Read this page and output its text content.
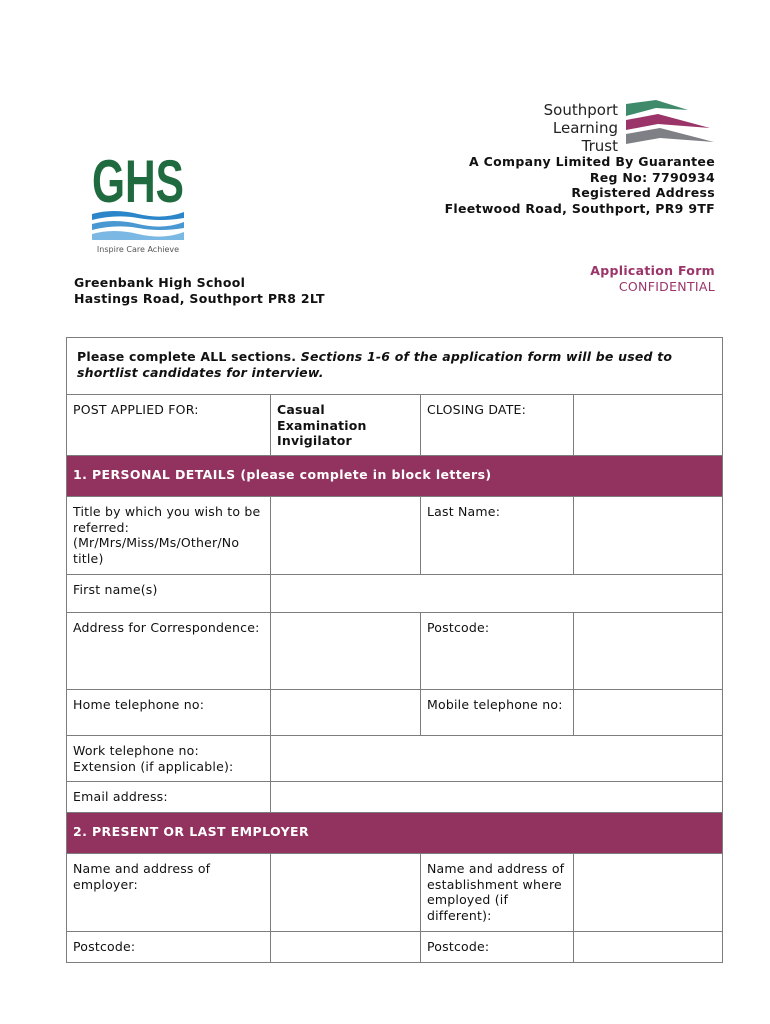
GHS
Inspire Care Achieve
Southport
Learning
Trust
A Company Limited By Guarantee
Reg No: 7790934
Registered Address
Fleetwood Road, Southport, PR9 9TF
Greenbank High School
Hastings Road, Southport PR8 2LT
Application Form
CONFIDENTIAL
Please complete ALL sections. Sections 1-6 of the application form will be used to shortlist candidates for interview.			
POST APPLIED FOR:	Casual Examination Invigilator	CLOSING DATE:	
1. PERSONAL DETAILS (please complete in block letters)			
Title by which you wish to be referred: (Mr/Mrs/Miss/Ms/Other/No title)		Last Name:	
First name(s)			
Address for Correspondence:		Postcode:	
Home telephone no:		Mobile telephone no:	
Work telephone no: Extension (if applicable):			
Email address:			
2. PRESENT OR LAST EMPLOYER			
Name and address of employer:		Name and address of establishment where employed (if different):	
Postcode:		Postcode:	
